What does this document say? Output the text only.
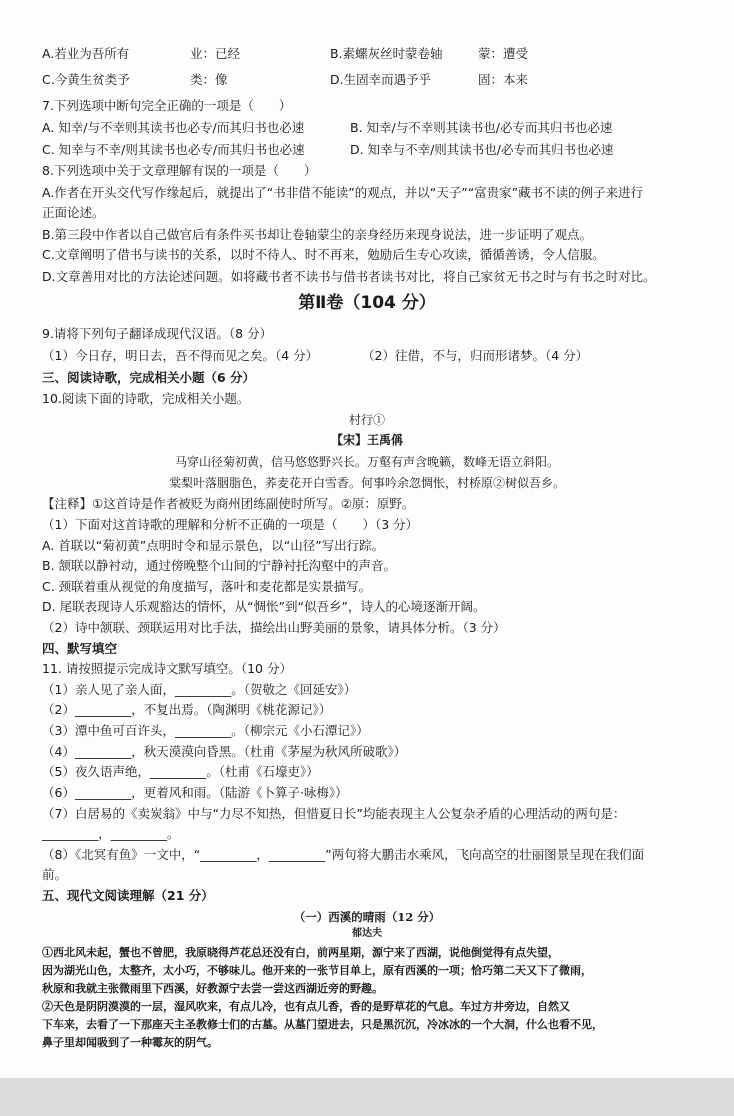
A.若业为吾所有	业：已经	B.素螺灰丝时蒙卷轴	蒙：遭受
C.今黄生贫类予	类：像	D.生固幸而遇予乎	固：本来
7.下列选项中断句完全正确的一项是（　　）
A. 知幸/与不幸则其读书也必专/而其归书也必速	B. 知幸/与不幸则其读书也/必专而其归书也必速
C. 知幸与不幸/则其读书也必专/而其归书也必速	D. 知幸与不幸/则其读书也/必专而其归书也必速
8.下列选项中关于文章理解有误的一项是（　　）
A.作者在开头交代写作缘起后，就提出了“书非借不能读”的观点，并以“天子”“富贵家”藏书不读的例子来进行
正面论述。
B.第三段中作者以自己做官后有条件买书却让卷轴蒙尘的亲身经历来现身说法，进一步证明了观点。
C.文章阐明了借书与读书的关系，以时不待人、时不再来，勉励后生专心攻读，循循善诱，令人信服。
D.文章善用对比的方法论述问题。如将藏书者不读书与借书者读书对比，将自己家贫无书之时与有书之时对比。
第Ⅱ卷（104 分）
9.请将下列句子翻译成现代汉语。（8 分）
（1）今日存，明日去，吾不得而见之矣。（4 分）	（2）往借，不与，归而形诸梦。（4 分）
三、阅读诗歌，完成相关小题（6 分）
10.阅读下面的诗歌，完成相关小题。
村行①
【宋】王禹偁
马穿山径菊初黄，信马悠悠野兴长。万壑有声含晚籁，数峰无语立斜阳。
棠梨叶落胭脂色，荞麦花开白雪香。何事吟余忽惆怅，村桥原②树似吾乡。
【注释】①这首诗是作者被贬为商州团练副使时所写。②原：原野。
（1）下面对这首诗歌的理解和分析不正确的一项是（　　）（3 分）
A. 首联以“菊初黄”点明时令和显示景色，以“山径”写出行踪。
B. 颔联以静衬动，通过傍晚整个山间的宁静衬托沟壑中的声音。
C. 颈联着重从视觉的角度描写，落叶和麦花都是实景描写。
D. 尾联表现诗人乐观豁达的情怀，从“惆怅”到“似吾乡”，诗人的心境逐渐开阔。
（2）诗中颔联、颈联运用对比手法，描绘出山野美丽的景象，请具体分析。（3 分）
四、默写填空
11. 请按照提示完成诗文默写填空。（10 分）
（1）亲人见了亲人面，_________。（贺敬之《回延安》）
（2）_________，不复出焉。（陶渊明《桃花源记》）
（3）潭中鱼可百许头，_________。（柳宗元《小石潭记》）
（4）_________，秋天漠漠向昏黑。（杜甫《茅屋为秋风所破歌》）
（5）夜久语声绝，_________。（杜甫《石壕吏》）
（6）_________，更着风和雨。（陆游《卜算子·咏梅》）
（7）白居易的《卖炭翁》中与“力尽不知热，但惜夏日长”均能表现主人公复杂矛盾的心理活动的两句是：
_________，_________。
（8）《北冥有鱼》一文中，“_________，_________”两句将大鹏击水乘风，飞向高空的壮丽图景呈现在我们面
前。
五、现代文阅读理解（21 分）
（一）西溪的晴雨（12 分）
郁达夫
①西北风未起，蟹也不曾肥，我原晓得芦花总还没有白，前两星期，源宁来了西湖，说他倒觉得有点失望，
因为湖光山色，太整齐，太小巧，不够味儿。他开来的一张节目单上，原有西溪的一项；恰巧第二天又下了微雨，
秋原和我就主张微雨里下西溪，好教源宁去尝一尝这西湖近旁的野趣。
②天色是阴阴漠漠的一层，湿风吹来，有点儿冷，也有点儿香，香的是野草花的气息。车过方井旁边，自然又
下车来，去看了一下那座天主圣教修士们的古墓。从墓门望进去，只是黑沉沉，冷冰冰的一个大洞，什么也看不见，
鼻子里却闻吸到了一种霉灰的阴气。
